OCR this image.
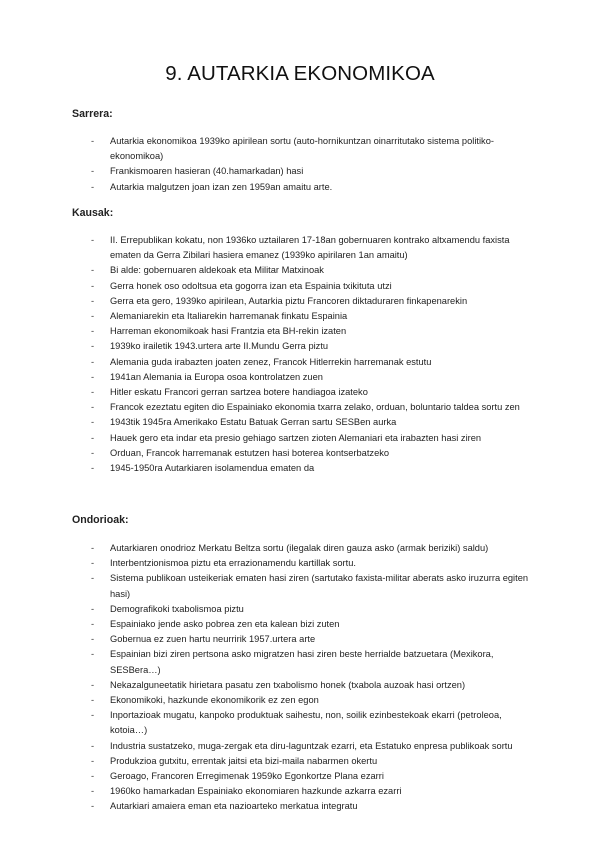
9. AUTARKIA EKONOMIKOA
Sarrera:
- Autarkia ekonomikoa 1939ko apirilean sortu (auto-hornikuntzan oinarritutako sistema politiko-ekonomikoa)
- Frankismoaren hasieran (40.hamarkadan) hasi
- Autarkia malgutzen joan izan zen 1959an amaitu arte.
Kausak:
- II. Errepublikan kokatu, non 1936ko uztailaren 17-18an gobernuaren kontrako altxamendu faxista ematen da Gerra Zibilari hasiera emanez (1939ko apirilaren 1an amaitu)
- Bi alde: gobernuaren aldekoak eta Militar Matxinoak
- Gerra honek oso odoltsua eta gogorra izan eta Espainia txikituta utzi
- Gerra eta gero, 1939ko apirilean, Autarkia piztu Francoren diktaduraren finkapenarekin
- Alemaniarekin eta Italiarekin harremanak finkatu Espainia
- Harreman ekonomikoak hasi Frantzia eta BH-rekin izaten
- 1939ko irailetik 1943.urtera arte II.Mundu Gerra piztu
- Alemania guda irabazten joaten zenez, Francok Hitlerrekin harremanak estutu
- 1941an Alemania ia Europa osoa kontrolatzen zuen
- Hitler eskatu Francori gerran sartzea botere handiagoa izateko
- Francok ezeztatu egiten dio Espainiako ekonomia txarra zelako, orduan, boluntario taldea sortu zen
- 1943tik 1945ra Amerikako Estatu Batuak Gerran sartu SESBen aurka
- Hauek gero eta indar eta presio gehiago sartzen zioten Alemaniari eta irabazten hasi ziren
- Orduan, Francok harremanak estutzen hasi boterea kontserbatzeko
- 1945-1950ra Autarkiaren isolamendua ematen da
Ondorioak:
- Autarkiaren onodrioz Merkatu Beltza sortu (ilegalak diren gauza asko (armak beriziki) saldu)
- Interbentzionismoa piztu eta errazionamendu kartillak sortu.
- Sistema publikoan usteikeriak ematen hasi ziren (sartutako faxista-militar aberats asko iruzurra egiten hasi)
- Demografikoki txabolismoa piztu
- Espainiako jende asko pobrea zen eta kalean bizi zuten
- Gobernua ez zuen hartu neurririk 1957.urtera arte
- Espainian bizi ziren pertsona asko migratzen hasi ziren beste herrialde batzuetara (Mexikora, SESBera…)
- Nekazalguneetatik hirietara pasatu zen txabolismo honek (txabola auzoak hasi ortzen)
- Ekonomikoki, hazkunde ekonomikorik ez zen egon
- Inportazioak mugatu, kanpoko produktuak saihestu, non, soilik ezinbestekoak ekarri (petroleoa, kotoia…)
- Industria sustatzeko, muga-zergak eta diru-laguntzak ezarri, eta Estatuko enpresa publikoak sortu
- Produkzioa gutxitu, errentak jaitsi eta bizi-maila nabarmen okertu
- Geroago, Francoren Erregimenak 1959ko Egonkortze Plana ezarri
- 1960ko hamarkadan Espainiako ekonomiaren hazkunde azkarra ezarri
- Autarkiari amaiera eman eta nazioarteko merkatua integratu
